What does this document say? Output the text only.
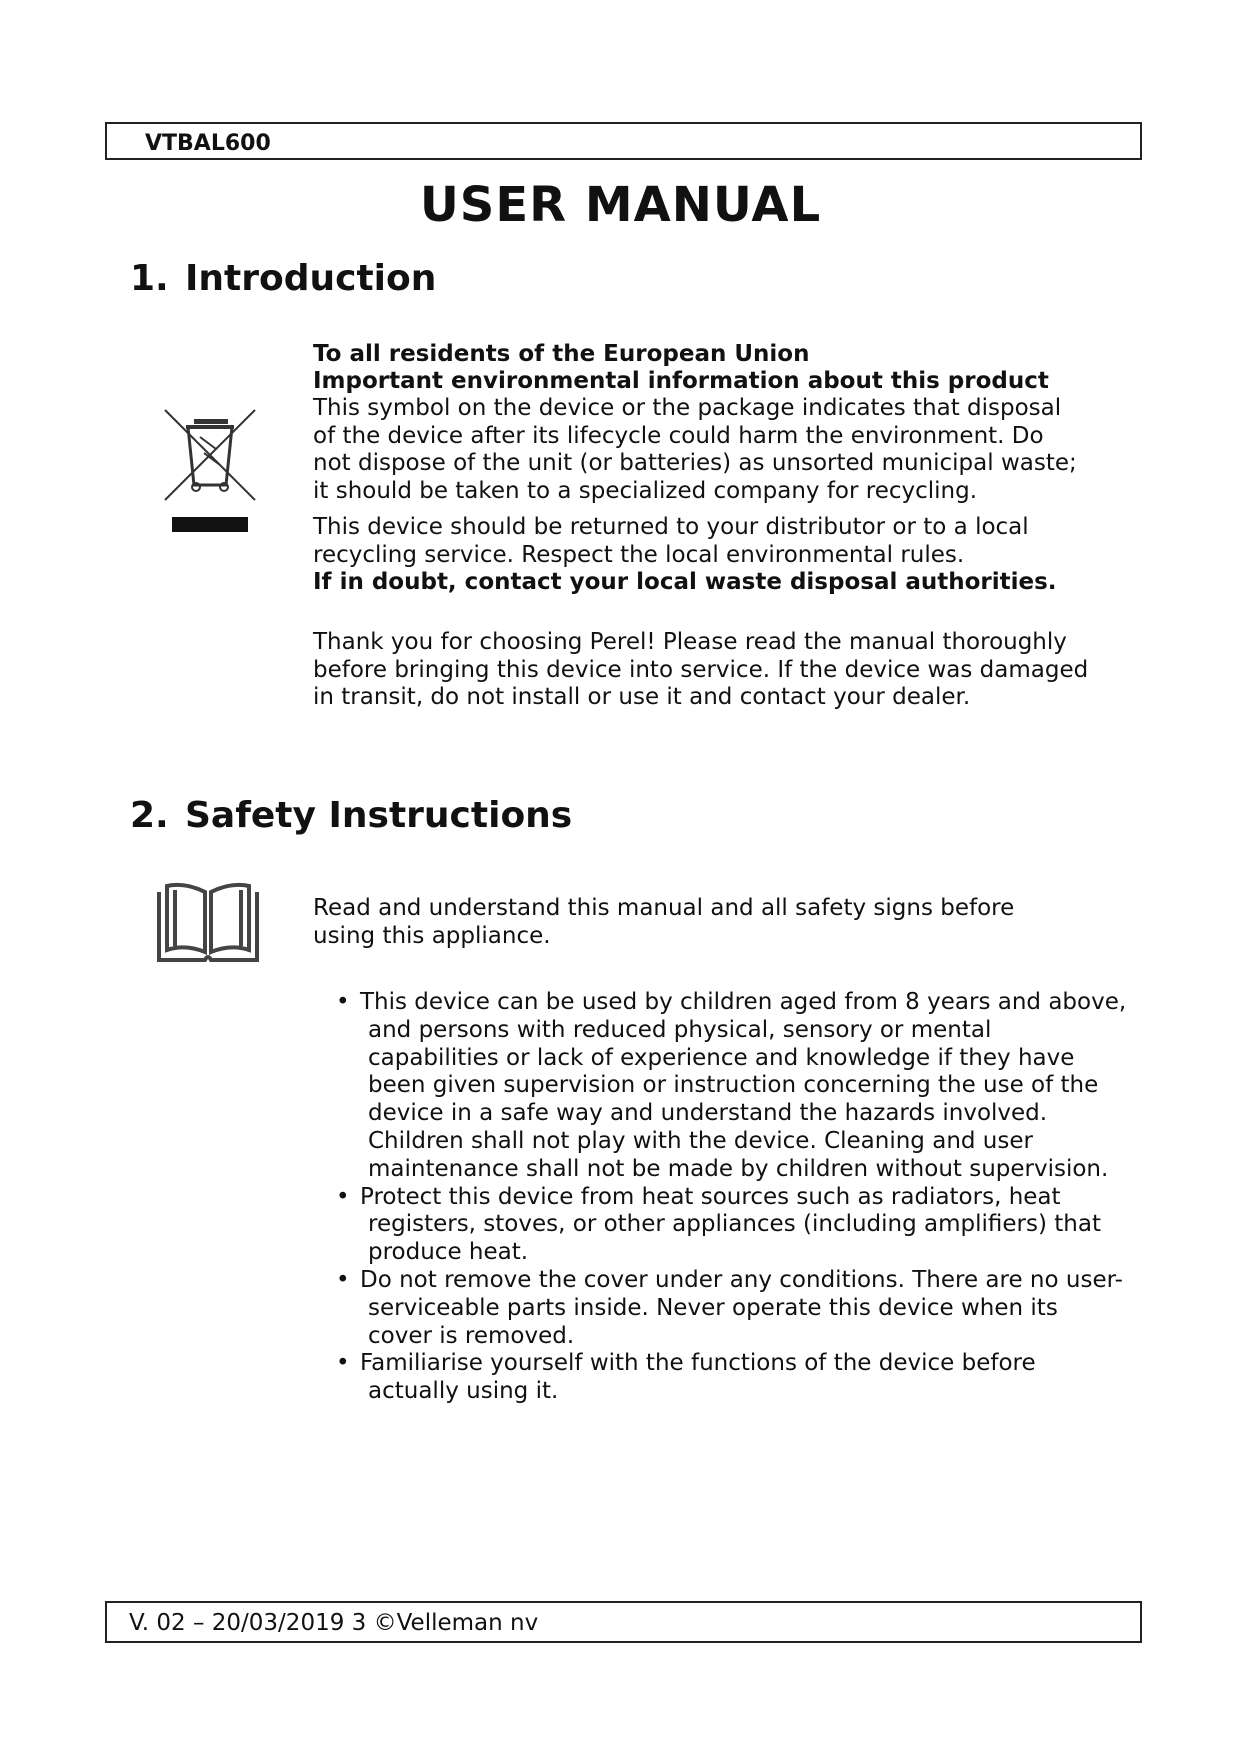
VTBAL600
USER MANUAL
1. Introduction
To all residents of the European Union
Important environmental information about this product
This symbol on the device or the package indicates that disposal of the device after its lifecycle could harm the environment. Do not dispose of the unit (or batteries) as unsorted municipal waste; it should be taken to a specialized company for recycling.
This device should be returned to your distributor or to a local recycling service. Respect the local environmental rules.
If in doubt, contact your local waste disposal authorities.
Thank you for choosing Perel! Please read the manual thoroughly before bringing this device into service. If the device was damaged in transit, do not install or use it and contact your dealer.
2. Safety Instructions
Read and understand this manual and all safety signs before using this appliance.
• This device can be used by children aged from 8 years and above, and persons with reduced physical, sensory or mental capabilities or lack of experience and knowledge if they have been given supervision or instruction concerning the use of the device in a safe way and understand the hazards involved. Children shall not play with the device. Cleaning and user maintenance shall not be made by children without supervision.
• Protect this device from heat sources such as radiators, heat registers, stoves, or other appliances (including amplifiers) that produce heat.
• Do not remove the cover under any conditions. There are no user-serviceable parts inside. Never operate this device when its cover is removed.
• Familiarise yourself with the functions of the device before actually using it.
V. 02 – 20/03/2019 3 ©Velleman nv
